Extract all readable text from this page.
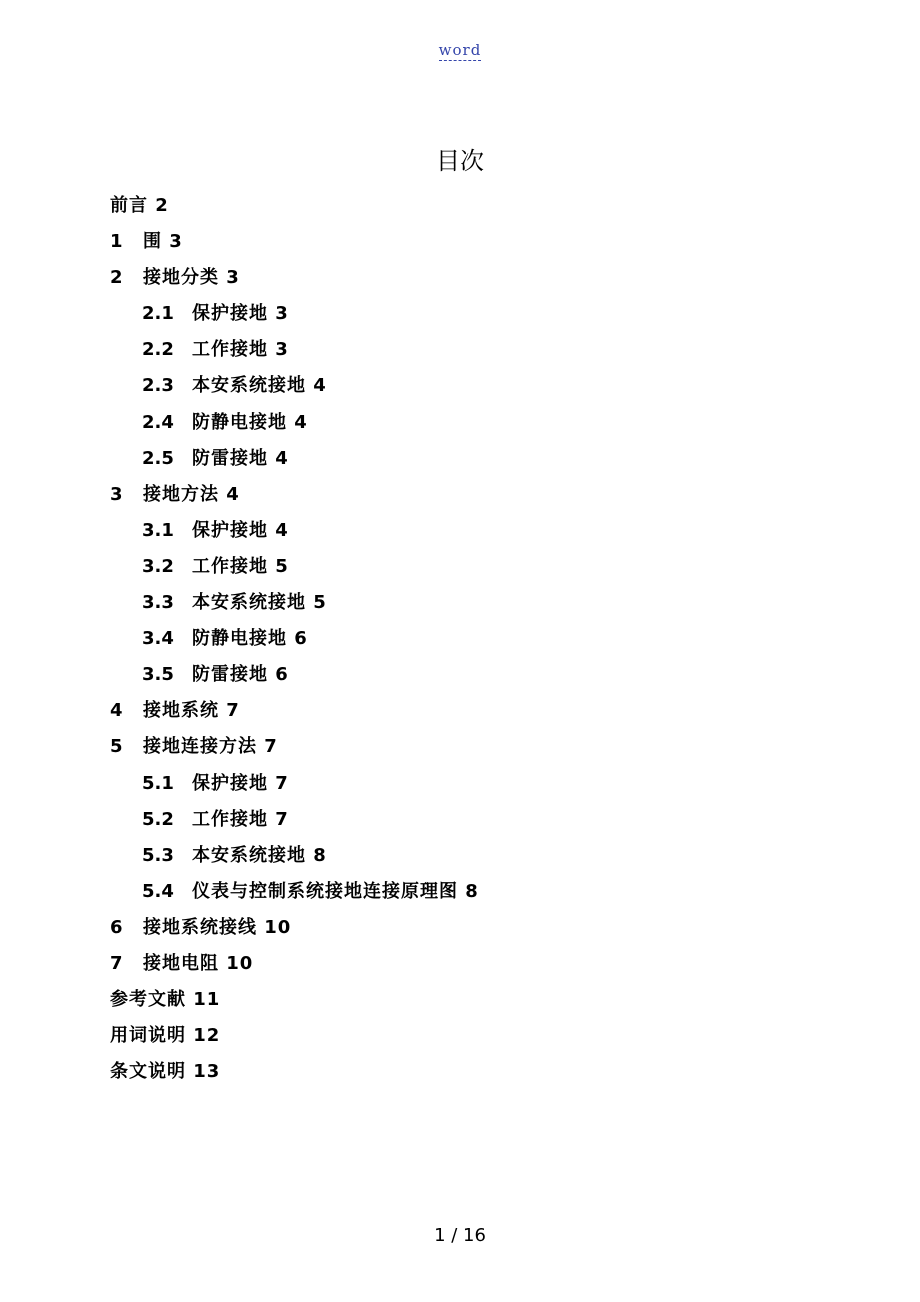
word
目次
前言 2
1 围 3
2 接地分类 3
2.1 保护接地 3
2.2 工作接地 3
2.3 本安系统接地 4
2.4 防静电接地 4
2.5 防雷接地 4
3 接地方法 4
3.1 保护接地 4
3.2 工作接地 5
3.3 本安系统接地 5
3.4 防静电接地 6
3.5 防雷接地 6
4 接地系统 7
5 接地连接方法 7
5.1 保护接地 7
5.2 工作接地 7
5.3 本安系统接地 8
5.4 仪表与控制系统接地连接原理图 8
6 接地系统接线 10
7 接地电阻 10
参考文献 11
用词说明 12
条文说明 13
1 / 16
